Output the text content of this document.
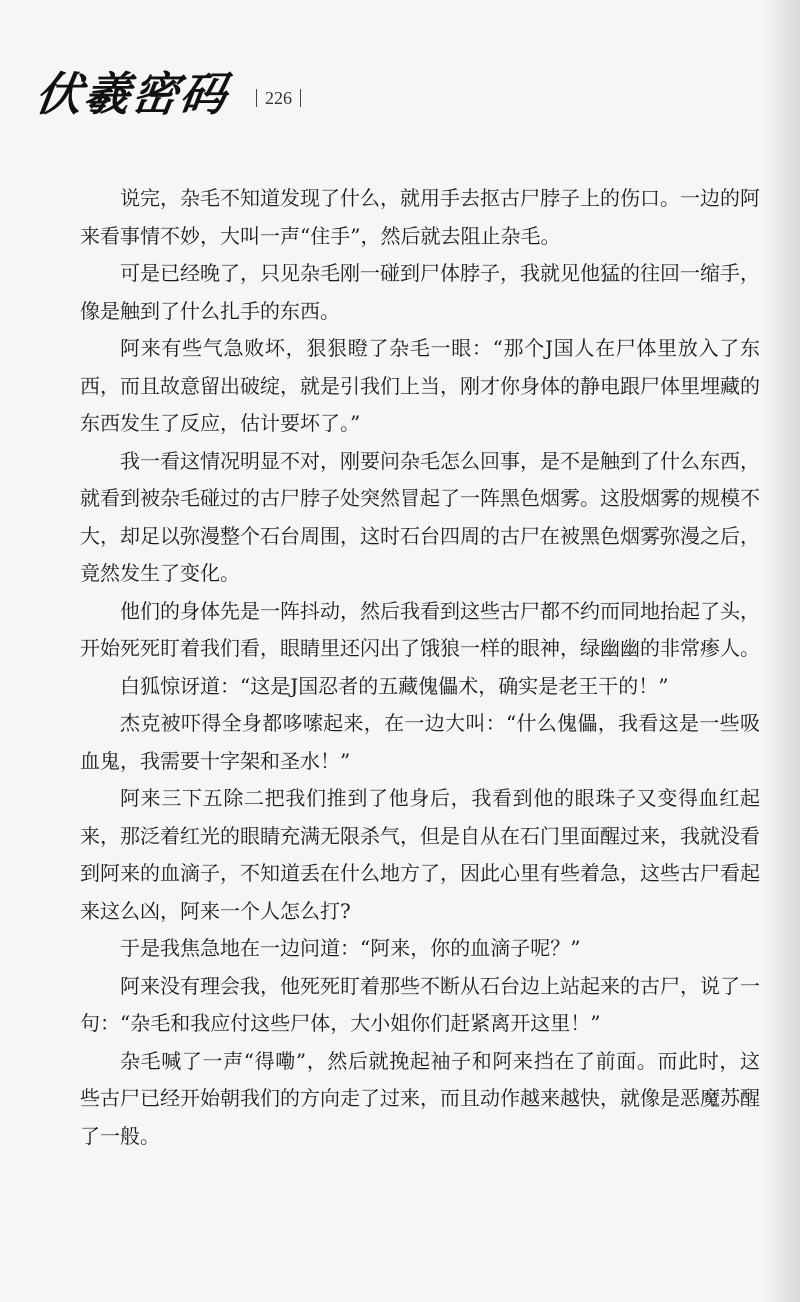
伏羲密码 226

说完，杂毛不知道发现了什么，就用手去抠古尸脖子上的伤口。一边的阿来看事情不妙，大叫一声“住手”，然后就去阻止杂毛。

可是已经晚了，只见杂毛刚一碰到尸体脖子，我就见他猛的往回一缩手，像是触到了什么扎手的东西。

阿来有些气急败坏，狠狠瞪了杂毛一眼：“那个J国人在尸体里放入了东西，而且故意留出破绽，就是引我们上当，刚才你身体的静电跟尸体里埋藏的东西发生了反应，估计要坏了。”

我一看这情况明显不对，刚要问杂毛怎么回事，是不是触到了什么东西，就看到被杂毛碰过的古尸脖子处突然冒起了一阵黑色烟雾。这股烟雾的规模不大，却足以弥漫整个石台周围，这时石台四周的古尸在被黑色烟雾弥漫之后，竟然发生了变化。

他们的身体先是一阵抖动，然后我看到这些古尸都不约而同地抬起了头，开始死死盯着我们看，眼睛里还闪出了饿狼一样的眼神，绿幽幽的非常瘆人。

白狐惊讶道：“这是J国忍者的五藏傀儡术，确实是老王干的！”

杰克被吓得全身都哆嗦起来，在一边大叫：“什么傀儡，我看这是一些吸血鬼，我需要十字架和圣水！”

阿来三下五除二把我们推到了他身后，我看到他的眼珠子又变得血红起来，那泛着红光的眼睛充满无限杀气，但是自从在石门里面醒过来，我就没看到阿来的血滴子，不知道丢在什么地方了，因此心里有些着急，这些古尸看起来这么凶，阿来一个人怎么打?

于是我焦急地在一边问道：“阿来，你的血滴子呢？”

阿来没有理会我，他死死盯着那些不断从石台边上站起来的古尸，说了一句：“杂毛和我应付这些尸体，大小姐你们赶紧离开这里！”

杂毛喊了一声“得嘞”，然后就挽起袖子和阿来挡在了前面。而此时，这些古尸已经开始朝我们的方向走了过来，而且动作越来越快，就像是恶魔苏醒了一般。
